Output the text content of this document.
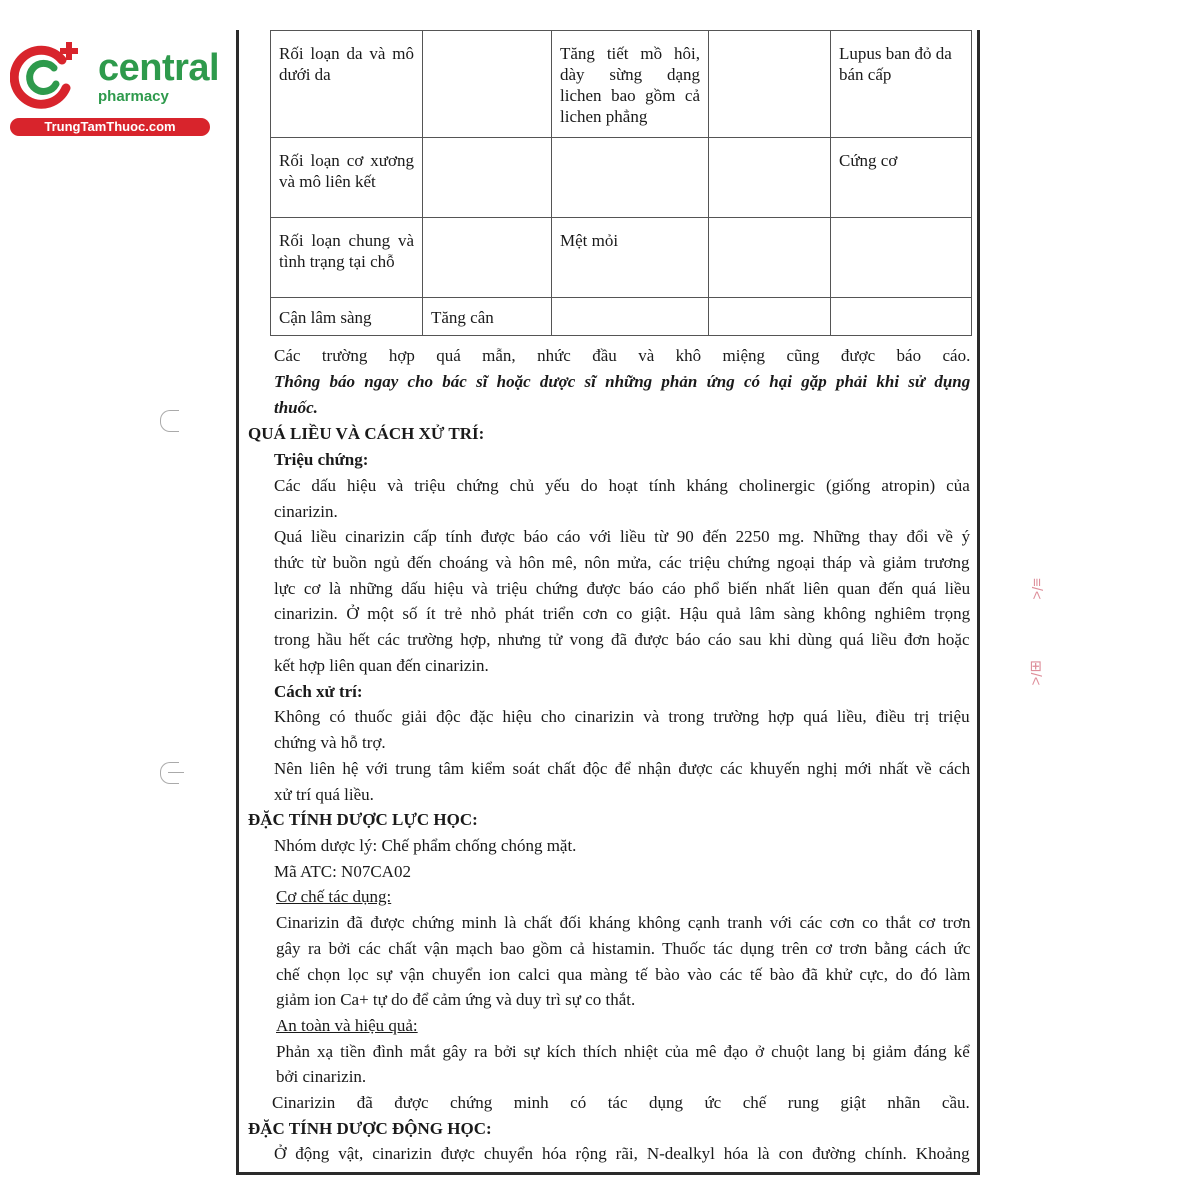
central
pharmacy
TrungTamThuoc.com
≡/<
⊞/<
Rối loạn da và mô dưới da		Tăng tiết mồ hôi, dày sừng dạng lichen bao gồm cả lichen phẳng		Lupus ban đỏ da bán cấp
Rối loạn cơ xương và mô liên kết				Cứng cơ
Rối loạn chung và tình trạng tại chỗ		Mệt mỏi		
Cận lâm sàng	Tăng cân			
Các trường hợp quá mẫn, nhức đầu và khô miệng cũng được báo cáo.
Thông báo ngay cho bác sĩ hoặc dược sĩ những phản ứng có hại gặp phải khi sử dụng
thuốc.
QUÁ LIỀU VÀ CÁCH XỬ TRÍ:
Triệu chứng:
Các dấu hiệu và triệu chứng chủ yếu do hoạt tính kháng cholinergic (giống atropin) của
cinarizin.
Quá liều cinarizin cấp tính được báo cáo với liều từ 90 đến 2250 mg. Những thay đổi về ý
thức từ buồn ngủ đến choáng và hôn mê, nôn mửa, các triệu chứng ngoại tháp và giảm trương
lực cơ là những dấu hiệu và triệu chứng được báo cáo phổ biến nhất liên quan đến quá liều
cinarizin. Ở một số ít trẻ nhỏ phát triển cơn co giật. Hậu quả lâm sàng không nghiêm trọng
trong hầu hết các trường hợp, nhưng tử vong đã được báo cáo sau khi dùng quá liều đơn hoặc
kết hợp liên quan đến cinarizin.
Cách xử trí:
Không có thuốc giải độc đặc hiệu cho cinarizin và trong trường hợp quá liều, điều trị triệu
chứng và hỗ trợ.
Nên liên hệ với trung tâm kiểm soát chất độc để nhận được các khuyến nghị mới nhất về cách
xử trí quá liều.
ĐẶC TÍNH DƯỢC LỰC HỌC:
Nhóm dược lý: Chế phẩm chống chóng mặt.
Mã ATC: N07CA02
Cơ chế tác dụng:
Cinarizin đã được chứng minh là chất đối kháng không cạnh tranh với các cơn co thắt cơ trơn
gây ra bởi các chất vận mạch bao gồm cả histamin. Thuốc tác dụng trên cơ trơn bằng cách ức
chế chọn lọc sự vận chuyển ion calci qua màng tế bào vào các tế bào đã khử cực, do đó làm
giảm ion Ca+ tự do để cảm ứng và duy trì sự co thắt.
An toàn và hiệu quả:
Phản xạ tiền đình mắt gây ra bởi sự kích thích nhiệt của mê đạo ở chuột lang bị giảm đáng kể
bởi cinarizin.
Cinarizin đã được chứng minh có tác dụng ức chế rung giật nhãn cầu.
ĐẶC TÍNH DƯỢC ĐỘNG HỌC:
Ở động vật, cinarizin được chuyển hóa rộng rãi, N-dealkyl hóa là con đường chính. Khoảng
